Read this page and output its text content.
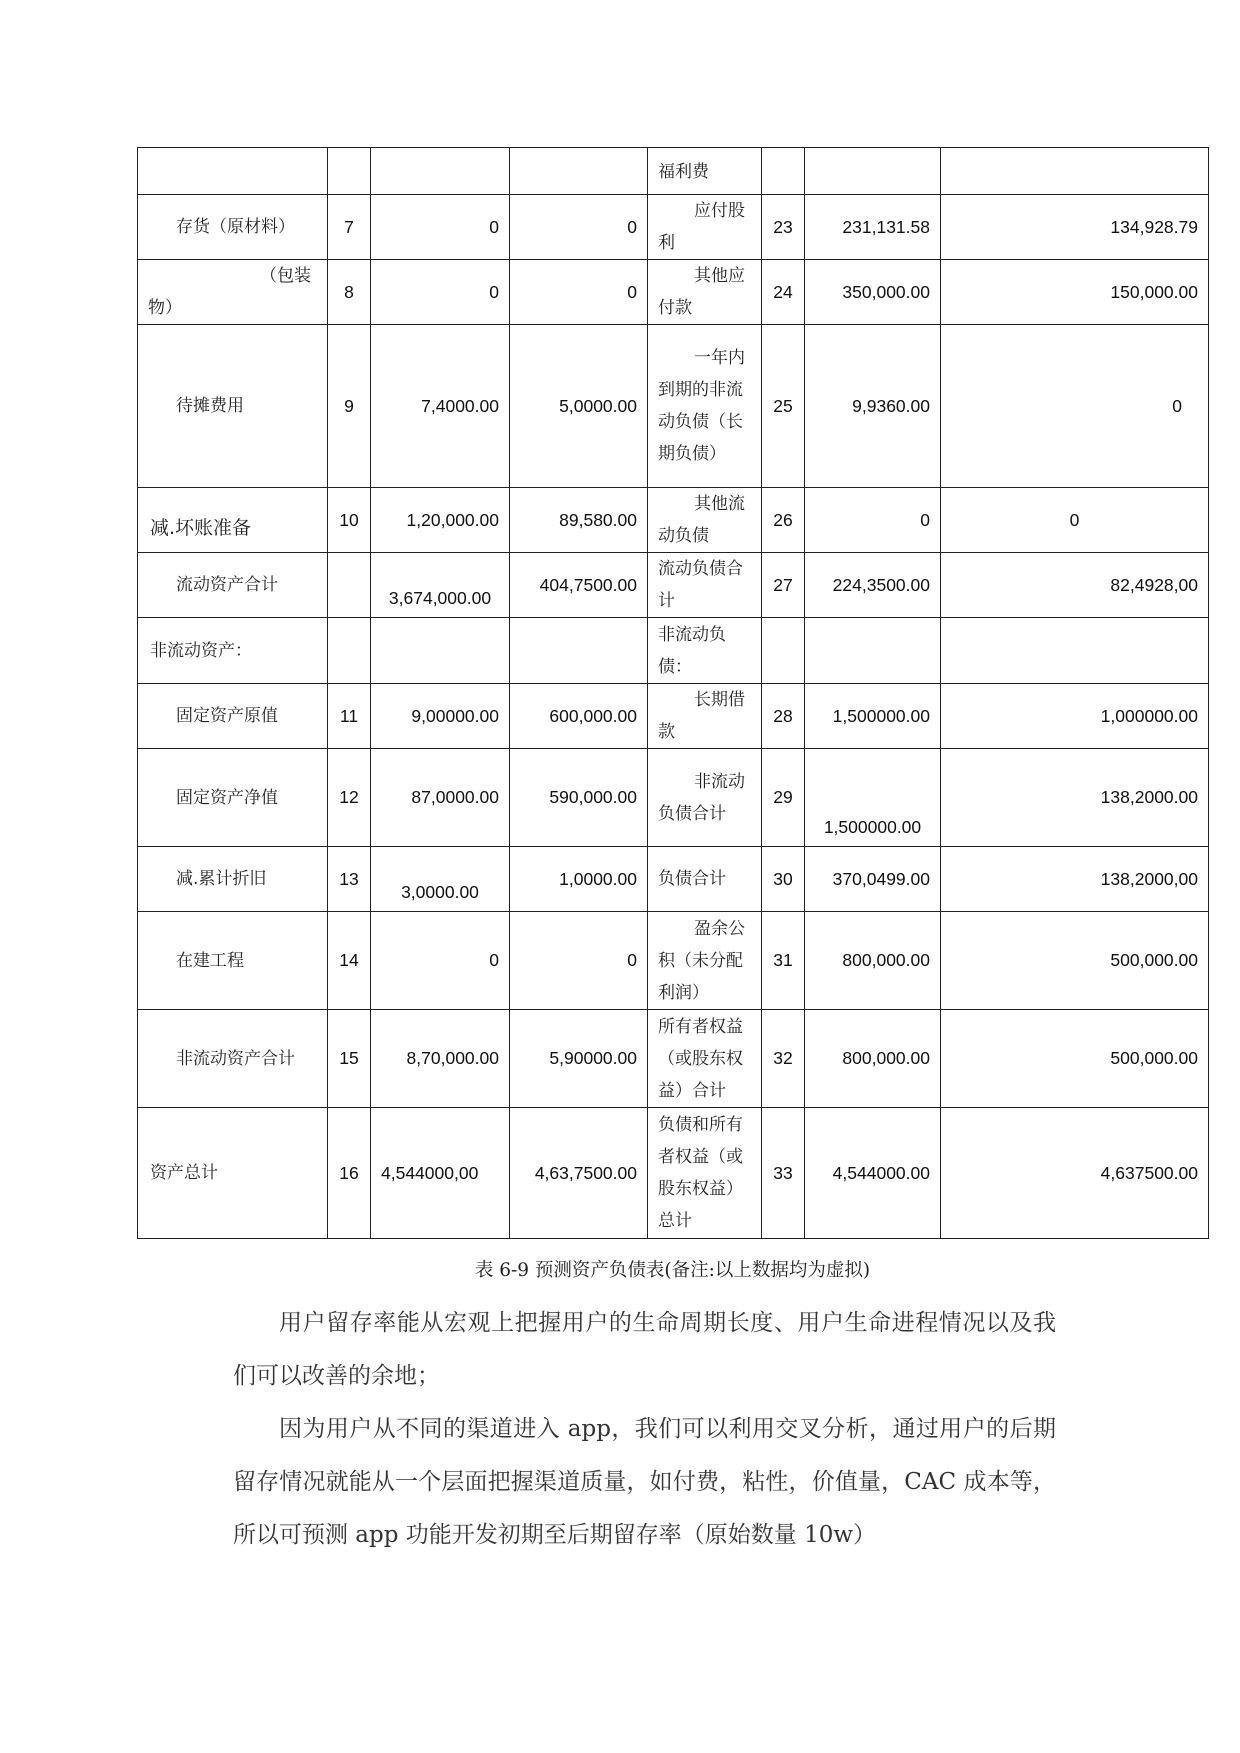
				福利费			
存货（原材料）	7	0	0	应付股利	23	231,131.58	134,928.79

（包装物）	8	0	0	其他应付款	24	350,000.00	150,000.00
待摊费用	9	7,4000.00	5,0000.00	一年内到期的非流动负债（长期负债）	25	9,9360.00	0
减.坏账准备	10	1,20,000.00	89,580.00	其他流动负债	26	0	0
流动资产合计		3,674,000.00	404,7500.00	流动负债合计	27	224,3500.00	82,4928,00
非流动资产：				非流动负债：			
固定资产原值	11	9,00000.00	600,000.00	长期借款	28	1,500000.00	1,000000.00
固定资产净值	12	87,0000.00	590,000.00	非流动负债合计	29	1,500000.00	138,2000.00
减.累计折旧	13	3,0000.00	1,0000.00	负债合计	30	370,0499.00	138,2000,00
在建工程	14	0	0	盈余公积（未分配利润）	31	800,000.00	500,000.00
非流动资产合计	15	8,70,000.00	5,90000.00	所有者权益（或股东权益）合计	32	800,000.00	500,000.00
资产总计	16	4,544000,00	4,63,7500.00	负债和所有者权益（或股东权益）总计	33	4,544000.00	4,637500.00
表 6-9 预测资产负债表(备注:以上数据均为虚拟)

用户留存率能从宏观上把握用户的生命周期长度、用户生命进程情况以及我们可以改善的余地；

因为用户从不同的渠道进入 app，我们可以利用交叉分析，通过用户的后期留存情况就能从一个层面把握渠道质量，如付费，粘性，价值量，CAC 成本等，所以可预测 app 功能开发初期至后期留存率（原始数量 10w）
